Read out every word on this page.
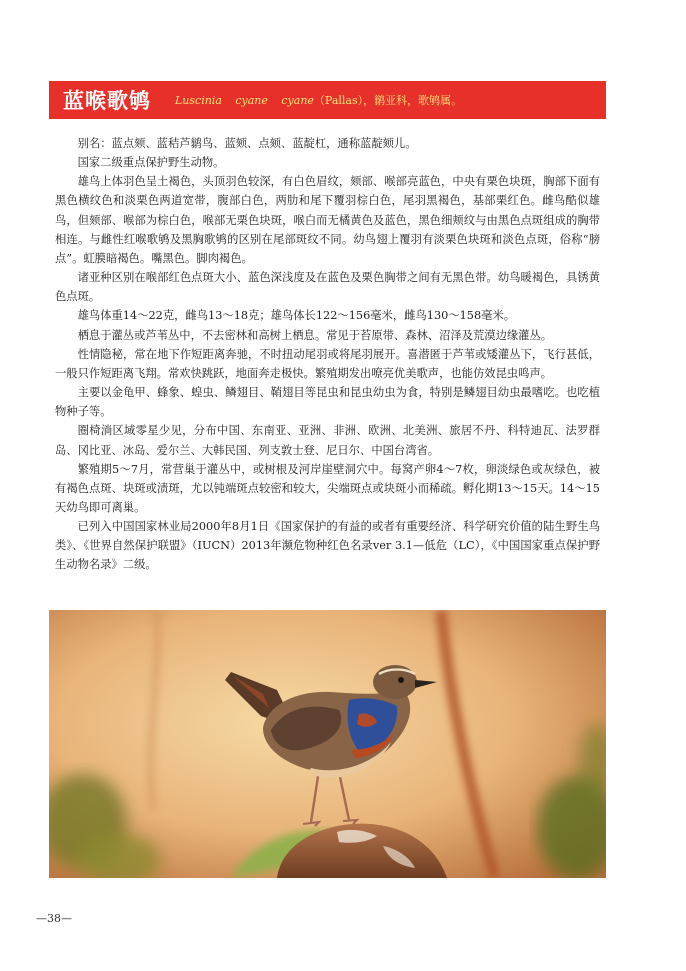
蓝喉歌鸲 Luscinia cyane cyane （Pallas），鹟亚科，歌鸲属。

别名：蓝点颏、蓝秸芦鹟鸟、蓝颏、点颏、蓝靛杠，通称蓝靛颏儿。

国家二级重点保护野生动物。

雄鸟上体羽色呈土褐色，头顶羽色较深，有白色眉纹，颏部、喉部亮蓝色，中央有栗色块斑，胸部下面有黑色横纹色和淡栗色两道宽带，腹部白色，两肋和尾下覆羽棕白色，尾羽黑褐色，基部栗红色。雌鸟酷似雄鸟，但颏部、喉部为棕白色，喉部无栗色块斑，喉白而无橘黄色及蓝色，黑色细颊纹与由黑色点斑组成的胸带相连。与雌性红喉歌鸲及黑胸歌鸲的区别在尾部斑纹不同。幼鸟翅上覆羽有淡栗色块斑和淡色点斑，俗称“膀点”。虹膜暗褐色。嘴黑色。脚肉褐色。

诸亚种区别在喉部红色点斑大小、蓝色深浅度及在蓝色及栗色胸带之间有无黑色带。幼鸟暖褐色，具锈黄色点斑。

雄鸟体重14～22克，雌鸟13～18克；雄鸟体长122～156毫米，雌鸟130～158毫米。

栖息于灌丛或芦苇丛中，不去密林和高树上栖息。常见于苔原带、森林、沼泽及荒漠边缘灌丛。

性情隐秘，常在地下作短距离奔驰，不时扭动尾羽或将尾羽展开。喜潜匿于芦苇或矮灌丛下，飞行甚低，一般只作短距离飞翔。常欢快跳跃，地面奔走极快。繁殖期发出嘹亮优美歌声，也能仿效昆虫鸣声。

主要以金龟甲、蜂象、蝗虫、鳞翅目、鞘翅目等昆虫和昆虫幼虫为食，特别是鳞翅目幼虫最嗜吃。也吃植物种子等。

圈椅淌区域零星少见，分布中国、东南亚、亚洲、非洲、欧洲、北美洲、旅居不丹、科特迪瓦、法罗群岛、冈比亚、冰岛、爱尔兰、大韩民国、列支敦士登、尼日尔、中国台湾省。

繁殖期5～7月，常营巢于灌丛中，或树根及河岸崖壁洞穴中。每窝产卵4～7枚，卵淡绿色或灰绿色，被有褐色点斑、块斑或渍斑，尤以钝端斑点较密和较大，尖端斑点或块斑小而稀疏。孵化期13～15天。14～15天幼鸟即可离巢。

已列入中国国家林业局2000年8月1日《国家保护的有益的或者有重要经济、科学研究价值的陆生野生鸟类》、《世界自然保护联盟》（IUCN）2013年濒危物种红色名录ver 3.1—低危（LC），《中国国家重点保护野生动物名录》二级。

—38—
